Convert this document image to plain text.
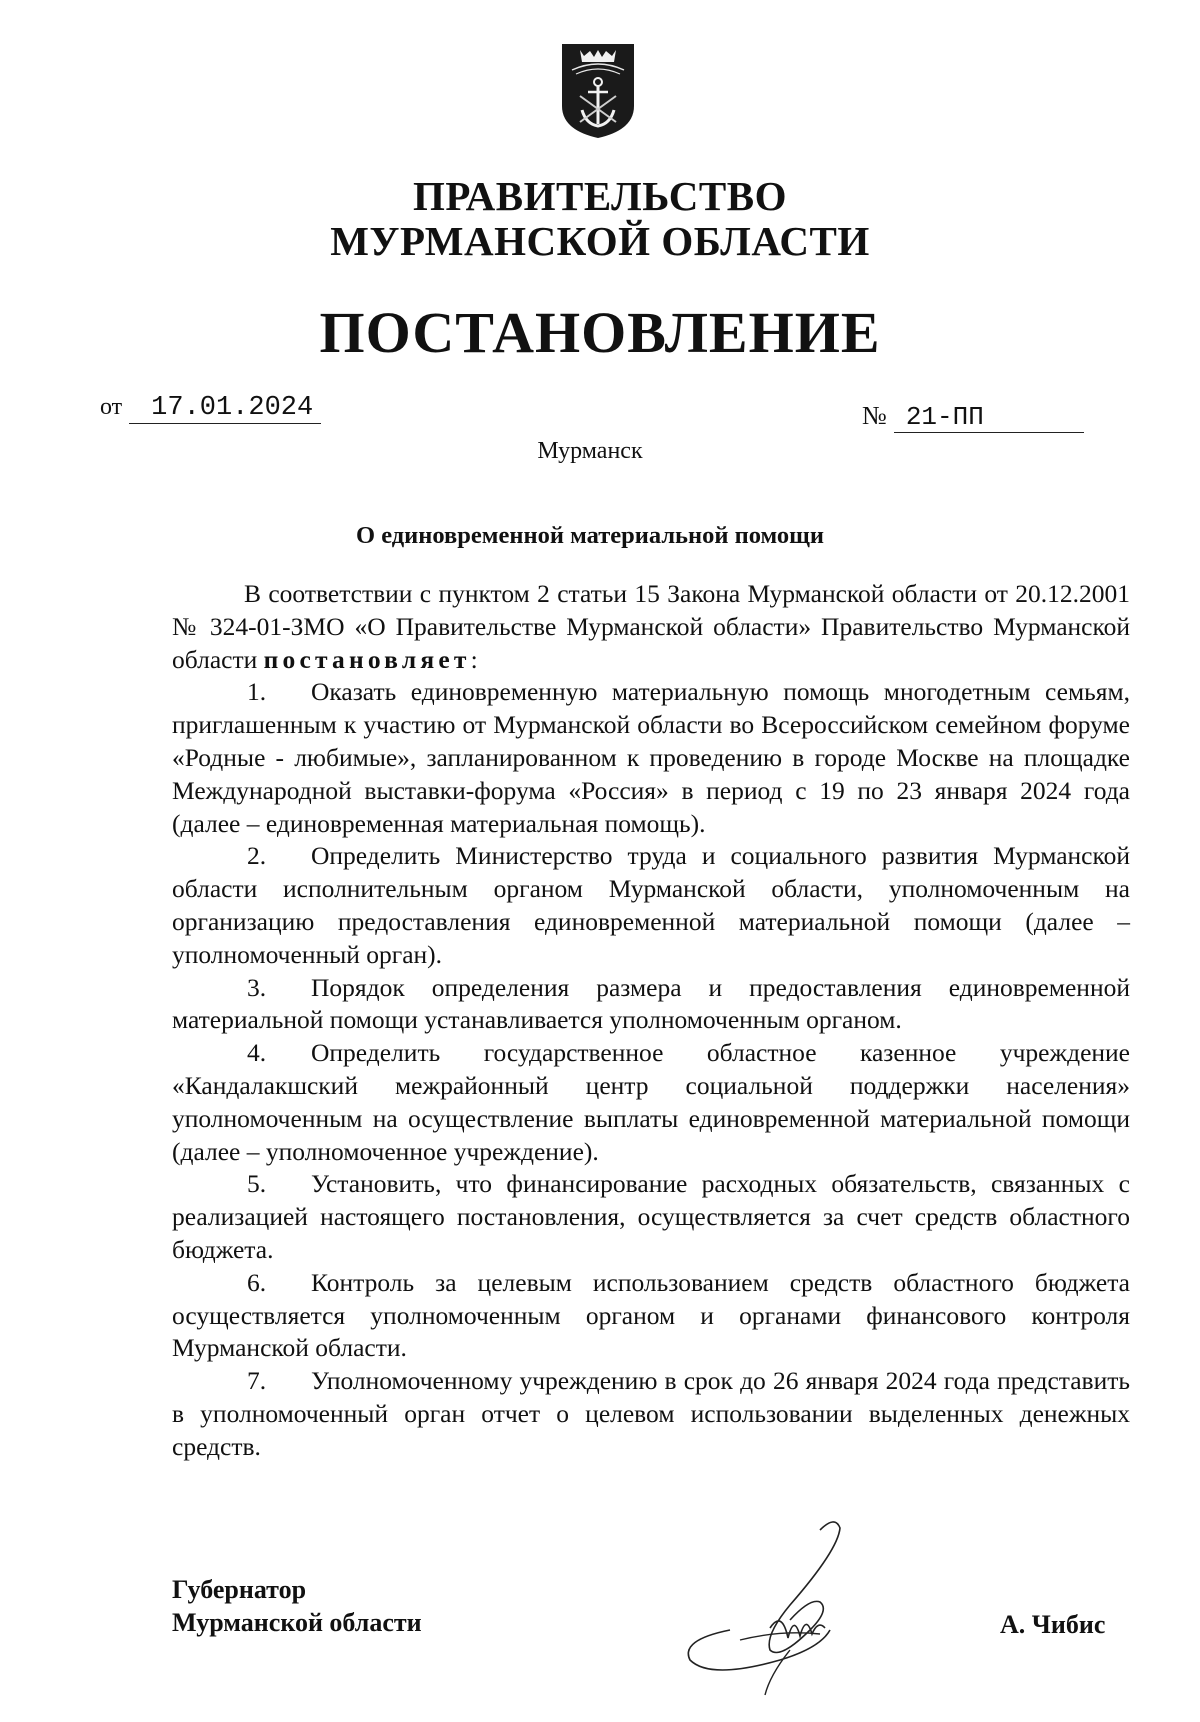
ПРАВИТЕЛЬСТВО
МУРМАНСКОЙ ОБЛАСТИ
ПОСТАНОВЛЕНИЕ
от 17.01.2024	№ 21-ПП
Мурманск
О единовременной материальной помощи

В соответствии с пунктом 2 статьи 15 Закона Мурманской области от 20.12.2001 № 324-01-ЗМО «О Правительстве Мурманской области» Правительство Мурманской области постановляет:

1. Оказать единовременную материальную помощь многодетным семьям, приглашенным к участию от Мурманской области во Всероссийском семейном форуме «Родные - любимые», запланированном к проведению в городе Москве на площадке Международной выставки-форума «Россия» в период с 19 по 23 января 2024 года (далее – единовременная материальная помощь).

2. Определить Министерство труда и социального развития Мурманской области исполнительным органом Мурманской области, уполномоченным на организацию предоставления единовременной материальной помощи (далее – уполномоченный орган).

3. Порядок определения размера и предоставления единовременной материальной помощи устанавливается уполномоченным органом.

4. Определить государственное областное казенное учреждение «Кандалакшский межрайонный центр социальной поддержки населения» уполномоченным на осуществление выплаты единовременной материальной помощи (далее – уполномоченное учреждение).

5. Установить, что финансирование расходных обязательств, связанных с реализацией настоящего постановления, осуществляется за счет средств областного бюджета.

6. Контроль за целевым использованием средств областного бюджета осуществляется уполномоченным органом и органами финансового контроля Мурманской области.

7. Уполномоченному учреждению в срок до 26 января 2024 года представить в уполномоченный орган отчет о целевом использовании выделенных денежных средств.

Губернатор
Мурманской области	А. Чибис
